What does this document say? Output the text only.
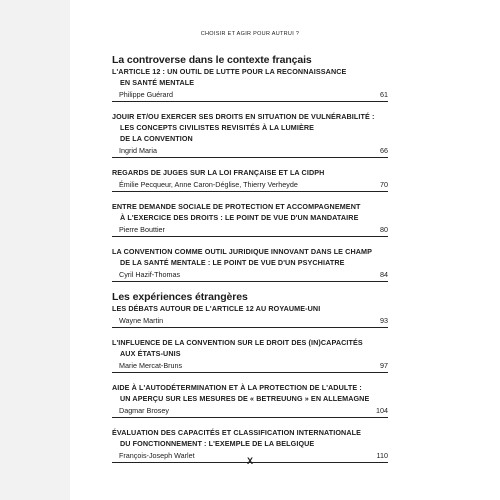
CHOISIR ET AGIR POUR AUTRUI ?
La controverse dans le contexte français
L'ARTICLE 12 : UN OUTIL DE LUTTE POUR LA RECONNAISSANCE

EN SANTÉ MENTALE
Philippe Guérard	61
JOUIR ET/OU EXERCER SES DROITS EN SITUATION DE VULNÉRABILITÉ :

LES CONCEPTS CIVILISTES REVISITÉS À LA LUMIÈRE
DE LA CONVENTION
Ingrid Maria	66
REGARDS DE JUGES SUR LA LOI FRANÇAISE ET LA CIDPH
Émilie Pecqueur, Anne Caron-Déglise, Thierry Verheyde	70
ENTRE DEMANDE SOCIALE DE PROTECTION ET ACCOMPAGNEMENT

À L'EXERCICE DES DROITS : LE POINT DE VUE D'UN MANDATAIRE
Pierre Bouttier	80
LA CONVENTION COMME OUTIL JURIDIQUE INNOVANT DANS LE CHAMP

DE LA SANTÉ MENTALE : LE POINT DE VUE D'UN PSYCHIATRE
Cyril Hazif-Thomas	84
Les expériences étrangères
LES DÉBATS AUTOUR DE L'ARTICLE 12 AU ROYAUME-UNI
Wayne Martin	93
L'INFLUENCE DE LA CONVENTION SUR LE DROIT DES (IN)CAPACITÉS

AUX ÉTATS-UNIS
Marie Mercat-Bruns	97
AIDE À L'AUTODÉTERMINATION ET À LA PROTECTION DE L'ADULTE :

UN APERÇU SUR LES MESURES DE « BETREUUNG » EN ALLEMAGNE
Dagmar Brosey	104
ÉVALUATION DES CAPACITÉS ET CLASSIFICATION INTERNATIONALE

DU FONCTIONNEMENT : L'EXEMPLE DE LA BELGIQUE
François-Joseph Warlet	110
X
